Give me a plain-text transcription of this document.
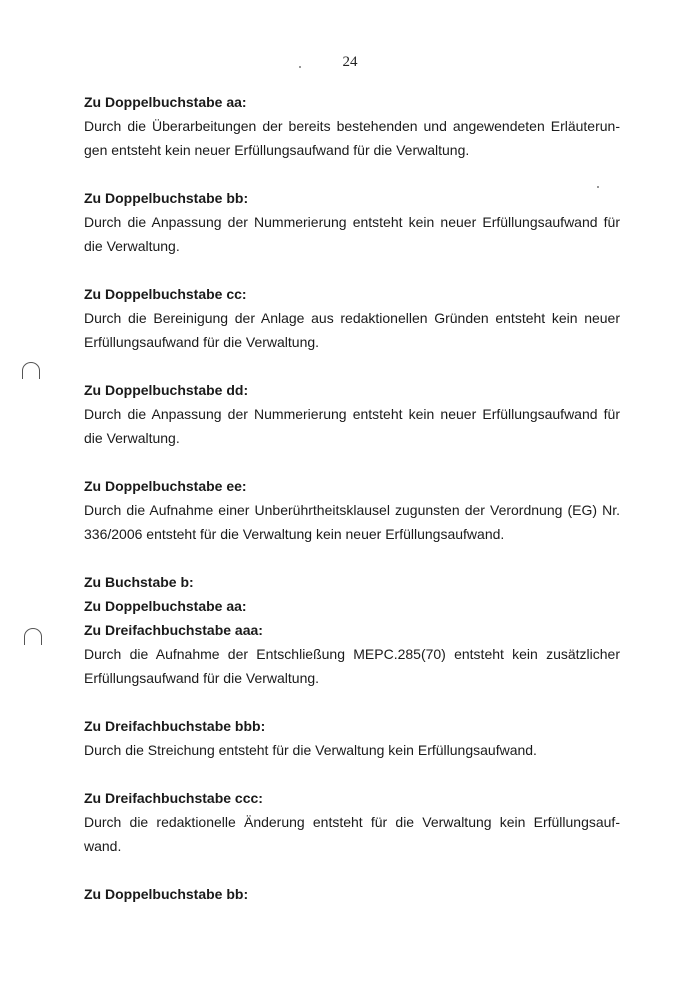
24

Zu Doppelbuchstabe aa:

Durch die Überarbeitungen der bereits bestehenden und angewendeten Erläuterun-
gen entsteht kein neuer Erfüllungsaufwand für die Verwaltung.

Zu Doppelbuchstabe bb:

Durch die Anpassung der Nummerierung entsteht kein neuer Erfüllungsaufwand für
die Verwaltung.

Zu Doppelbuchstabe cc:

Durch die Bereinigung der Anlage aus redaktionellen Gründen entsteht kein neuer
Erfüllungsaufwand für die Verwaltung.

Zu Doppelbuchstabe dd:

Durch die Anpassung der Nummerierung entsteht kein neuer Erfüllungsaufwand für
die Verwaltung.

Zu Doppelbuchstabe ee:

Durch die Aufnahme einer Unberührtheitsklausel zugunsten der Verordnung (EG) Nr.
336/2006 entsteht für die Verwaltung kein neuer Erfüllungsaufwand.

Zu Buchstabe b:

Zu Doppelbuchstabe aa:

Zu Dreifachbuchstabe aaa:

Durch die Aufnahme der Entschließung MEPC.285(70) entsteht kein zusätzlicher
Erfüllungsaufwand für die Verwaltung.

Zu Dreifachbuchstabe bbb:

Durch die Streichung entsteht für die Verwaltung kein Erfüllungsaufwand.

Zu Dreifachbuchstabe ccc:

Durch die redaktionelle Änderung entsteht für die Verwaltung kein Erfüllungsauf-
wand.

Zu Doppelbuchstabe bb:
